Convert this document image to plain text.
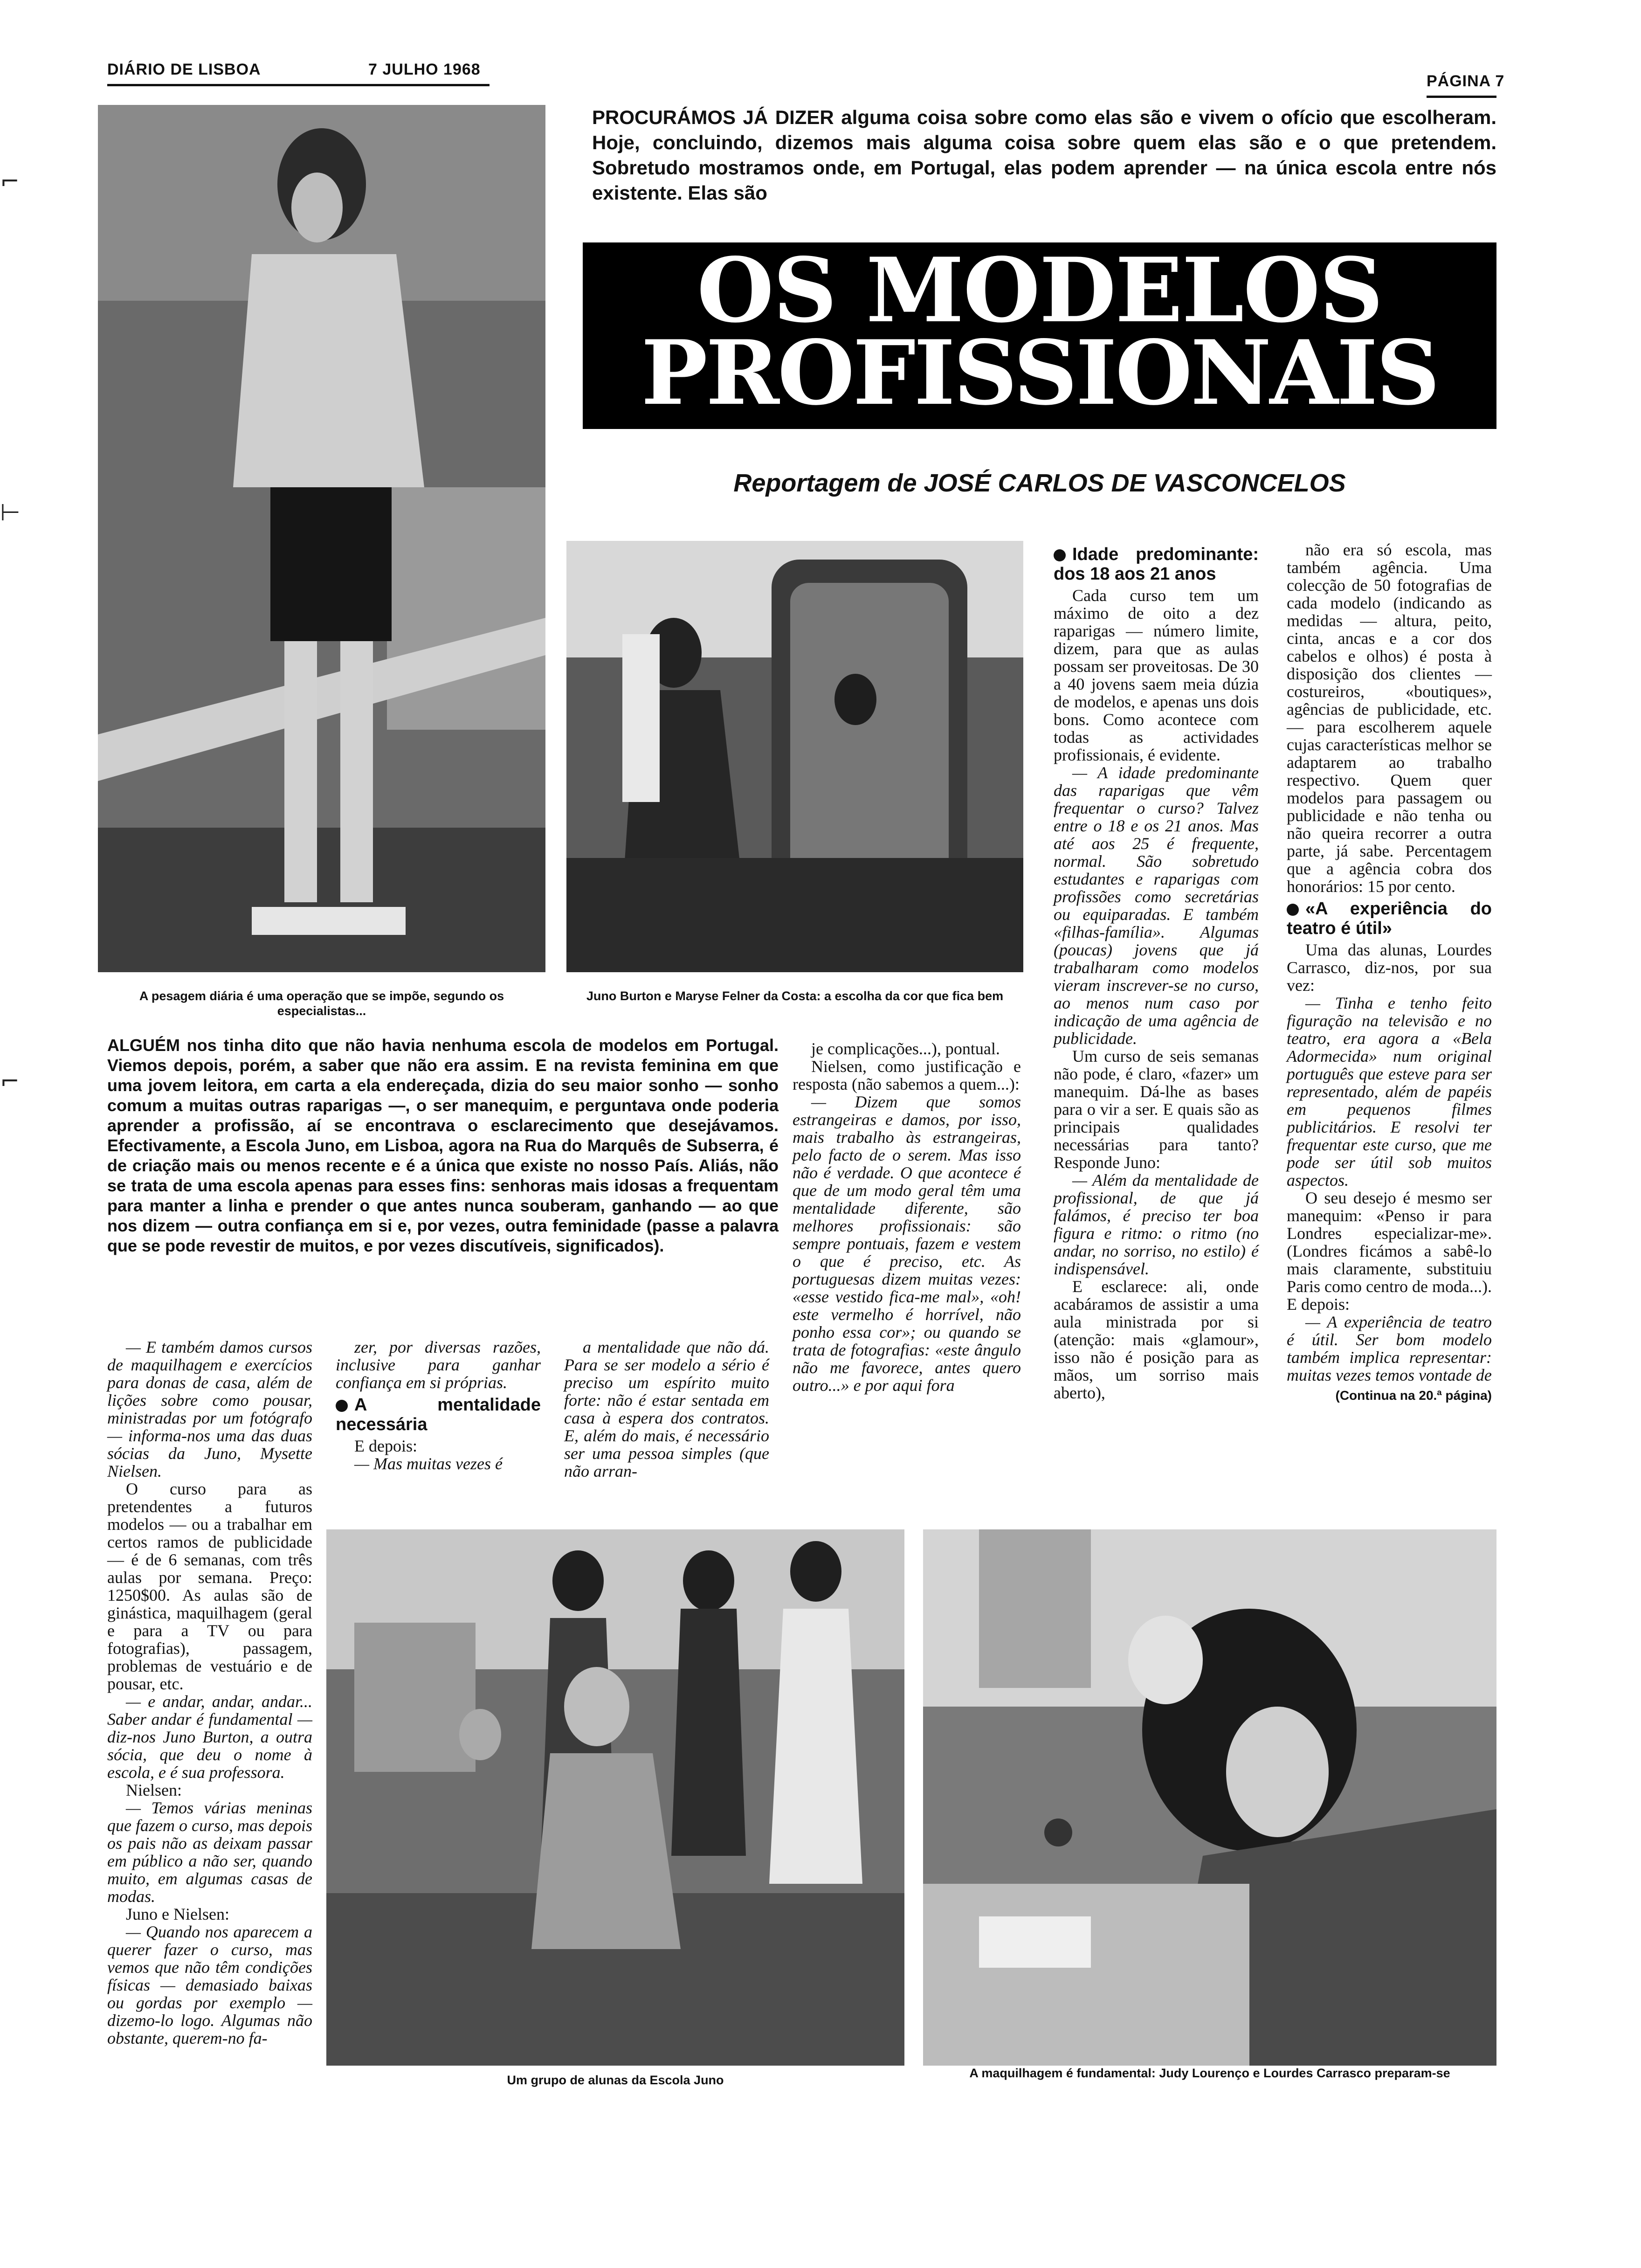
DIÁRIO DE LISBOA	7 JULHO 1968
PÁGINA 7
⌐
⊢
⌐
A pesagem diária é uma operação que se impõe, segundo os especialistas...
PROCURÁMOS JÁ DIZER alguma coisa sobre como elas são e vivem o ofício que escolheram. Hoje, concluindo, dizemos mais alguma coisa sobre quem elas são e o que pretendem. Sobretudo mostramos onde, em Portugal, elas podem aprender — na única escola entre nós existente. Elas são
OS MODELOS
PROFISSIONAIS
Reportagem de JOSÉ CARLOS DE VASCONCELOS
Juno Burton e Maryse Felner da Costa: a escolha da cor que fica bem
ALGUÉM nos tinha dito que não havia nenhuma escola de modelos em Portugal. Viemos depois, porém, a saber que não era assim. E na revista feminina em que uma jovem leitora, em carta a ela endereçada, dizia do seu maior sonho — sonho comum a muitas outras raparigas —, o ser manequim, e perguntava onde poderia aprender a profissão, aí se encontrava o esclarecimento que desejávamos. Efectivamente, a Escola Juno, em Lisboa, agora na Rua do Marquês de Subserra, é de criação mais ou menos recente e é a única que existe no nosso País. Aliás, não se trata de uma escola apenas para esses fins: senhoras mais idosas a frequentam para manter a linha e prender o que antes nunca souberam, ganhando — ao que nos dizem — outra confiança em si e, por vezes, outra feminidade (passe a palavra que se pode revestir de muitos, e por vezes discutíveis, significados).

— E também damos cursos de maquilhagem e exercícios para donas de casa, além de lições sobre como pousar, ministradas por um fotógrafo — informa-nos uma das duas sócias da Juno, Mysette Nielsen.

O curso para as pretendentes a futuros modelos — ou a trabalhar em certos ramos de publicidade — é de 6 semanas, com três aulas por semana. Preço: 1250$00. As aulas são de ginástica, maquilhagem (geral e para a TV ou para fotografias), passagem, problemas de vestuário e de pousar, etc.

— e andar, andar, andar... Saber andar é fundamental — diz-nos Juno Burton, a outra sócia, que deu o nome à escola, e é sua professora.

Nielsen:

— Temos várias meninas que fazem o curso, mas depois os pais não as deixam passar em público a não ser, quando muito, em algumas casas de modas.

Juno e Nielsen:

— Quando nos aparecem a querer fazer o curso, mas vemos que não têm condições físicas — demasiado baixas ou gordas por exemplo — dizemo-lo logo. Algumas não obstante, querem-no fa-

zer, por diversas razões, inclusive para ganhar confiança em si próprias.

A mentalidade necessária

E depois:

— Mas muitas vezes é

a mentalidade que não dá. Para se ser modelo a sério é preciso um espírito muito forte: não é estar sentada em casa à espera dos contratos. E, além do mais, é necessário ser uma pessoa simples (que não arran-

je complicações...), pontual.

Nielsen, como justificação e resposta (não sabemos a quem...):

— Dizem que somos estrangeiras e damos, por isso, mais trabalho às estrangeiras, pelo facto de o serem. Mas isso não é verdade. O que acontece é que de um modo geral têm uma mentalidade diferente, são melhores profissionais: são sempre pontuais, fazem e vestem o que é preciso, etc. As portuguesas dizem muitas vezes: «esse vestido fica-me mal», «oh! este vermelho é horrível, não ponho essa cor»; ou quando se trata de fotografias: «este ângulo não me favorece, antes quero outro...» e por aqui fora

Idade predominante: dos 18 aos 21 anos

Cada curso tem um máximo de oito a dez raparigas — número limite, dizem, para que as aulas possam ser proveitosas. De 30 a 40 jovens saem meia dúzia de modelos, e apenas uns dois bons. Como acontece com todas as actividades profissionais, é evidente.

— A idade predominante das raparigas que vêm frequentar o curso? Talvez entre o 18 e os 21 anos. Mas até aos 25 é frequente, normal. São sobretudo estudantes e raparigas com profissões como secretárias ou equiparadas. E também «filhas-família». Algumas (poucas) jovens que já trabalharam como modelos vieram inscrever-se no curso, ao menos num caso por indicação de uma agência de publicidade.

Um curso de seis semanas não pode, é claro, «fazer» um manequim. Dá-lhe as bases para o vir a ser. E quais são as principais qualidades necessárias para tanto? Responde Juno:

— Além da mentalidade de profissional, de que já falámos, é preciso ter boa figura e ritmo: o ritmo (no andar, no sorriso, no estilo) é indispensável.

E esclarece: ali, onde acabáramos de assistir a uma aula ministrada por si (atenção: mais «glamour», isso não é posição para as mãos, um sorriso mais aberto),

não era só escola, mas também agência. Uma colecção de 50 fotografias de cada modelo (indicando as medidas — altura, peito, cinta, ancas e a cor dos cabelos e olhos) é posta à disposição dos clientes — costureiros, «boutiques», agências de publicidade, etc. — para escolherem aquele cujas características melhor se adaptarem ao trabalho respectivo. Quem quer modelos para passagem ou publicidade e não tenha ou não queira recorrer a outra parte, já sabe. Percentagem que a agência cobra dos honorários: 15 por cento.

«A experiência do teatro é útil»

Uma das alunas, Lourdes Carrasco, diz-nos, por sua vez:

— Tinha e tenho feito figuração na televisão e no teatro, era agora a «Bela Adormecida» num original português que esteve para ser representado, além de papéis em pequenos filmes publicitários. E resolvi ter frequentar este curso, que me pode ser útil sob muitos aspectos.

O seu desejo é mesmo ser manequim: «Penso ir para Londres especializar-me». (Londres ficámos a sabê-lo mais claramente, substituiu Paris como centro de moda...). E depois:

— A experiência de teatro é útil. Ser bom modelo também implica representar: muitas vezes temos vontade de

(Continua na 20.ª página)

Um grupo de alunas da Escola Juno	A maquilhagem é fundamental: Judy Lourenço e Lourdes Carrasco preparam-se
